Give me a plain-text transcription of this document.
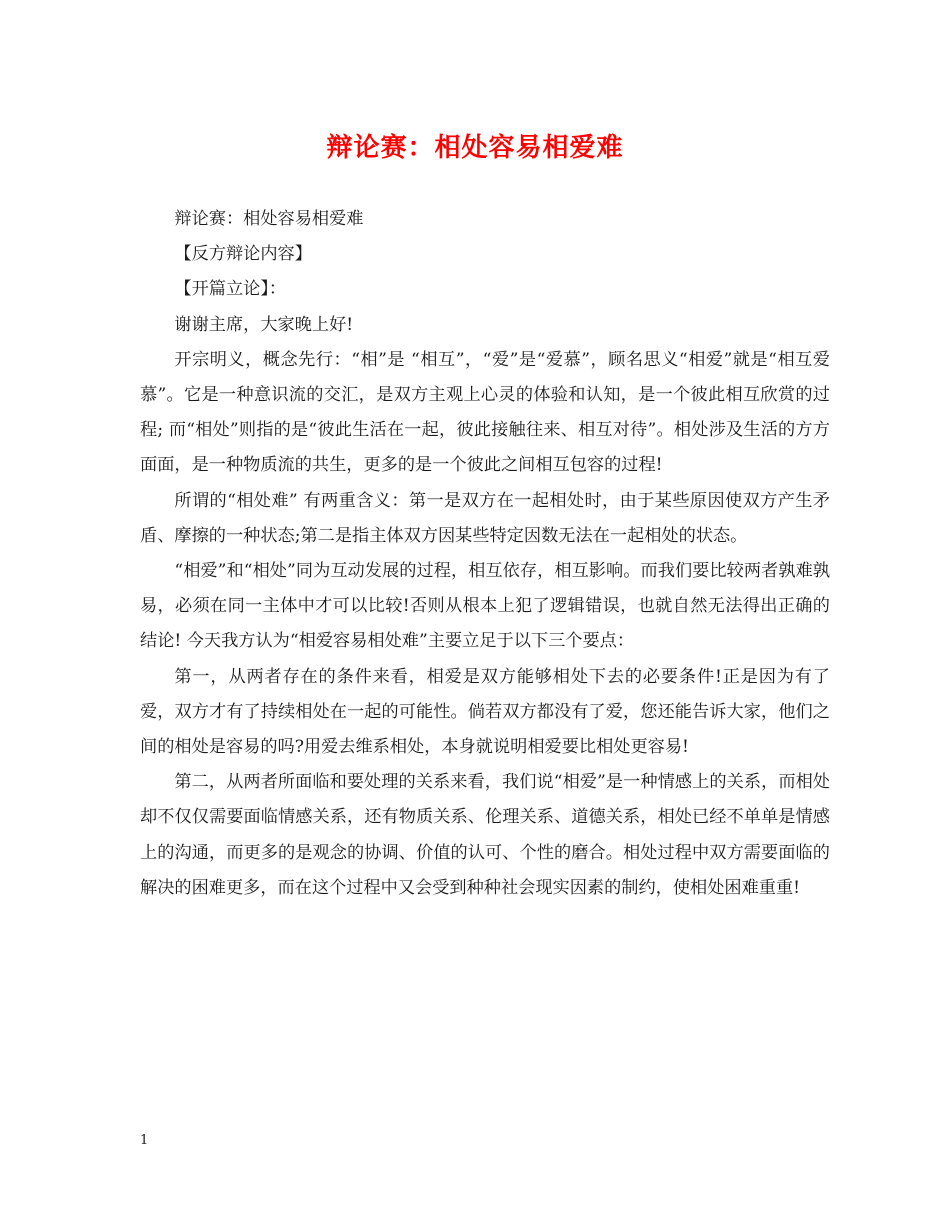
辩论赛：相处容易相爱难

辩论赛：相处容易相爱难

【反方辩论内容】

【开篇立论】：

谢谢主席，大家晚上好!

开宗明义，概念先行：“相”是 “相互”，“爱”是“爱慕”，顾名思义“相爱”就是“相互爱慕”。它是一种意识流的交汇，是双方主观上心灵的体验和认知，是一个彼此相互欣赏的过程; 而“相处”则指的是“彼此生活在一起，彼此接触往来、相互对待”。相处涉及生活的方方面面，是一种物质流的共生，更多的是一个彼此之间相互包容的过程!

所谓的“相处难” 有两重含义：第一是双方在一起相处时，由于某些原因使双方产生矛盾、摩擦的一种状态;第二是指主体双方因某些特定因数无法在一起相处的状态。

“相爱”和“相处”同为互动发展的过程，相互依存，相互影响。而我们要比较两者孰难孰易，必须在同一主体中才可以比较!否则从根本上犯了逻辑错误，也就自然无法得出正确的结论! 今天我方认为“相爱容易相处难”主要立足于以下三个要点：

第一，从两者存在的条件来看，相爱是双方能够相处下去的必要条件!正是因为有了爱，双方才有了持续相处在一起的可能性。倘若双方都没有了爱，您还能告诉大家，他们之间的相处是容易的吗?用爱去维系相处，本身就说明相爱要比相处更容易!

第二，从两者所面临和要处理的关系来看，我们说“相爱”是一种情感上的关系，而相处却不仅仅需要面临情感关系，还有物质关系、伦理关系、道德关系，相处已经不单单是情感上的沟通，而更多的是观念的协调、价值的认可、个性的磨合。相处过程中双方需要面临的解决的困难更多，而在这个过程中又会受到种种社会现实因素的制约，使相处困难重重!

1
